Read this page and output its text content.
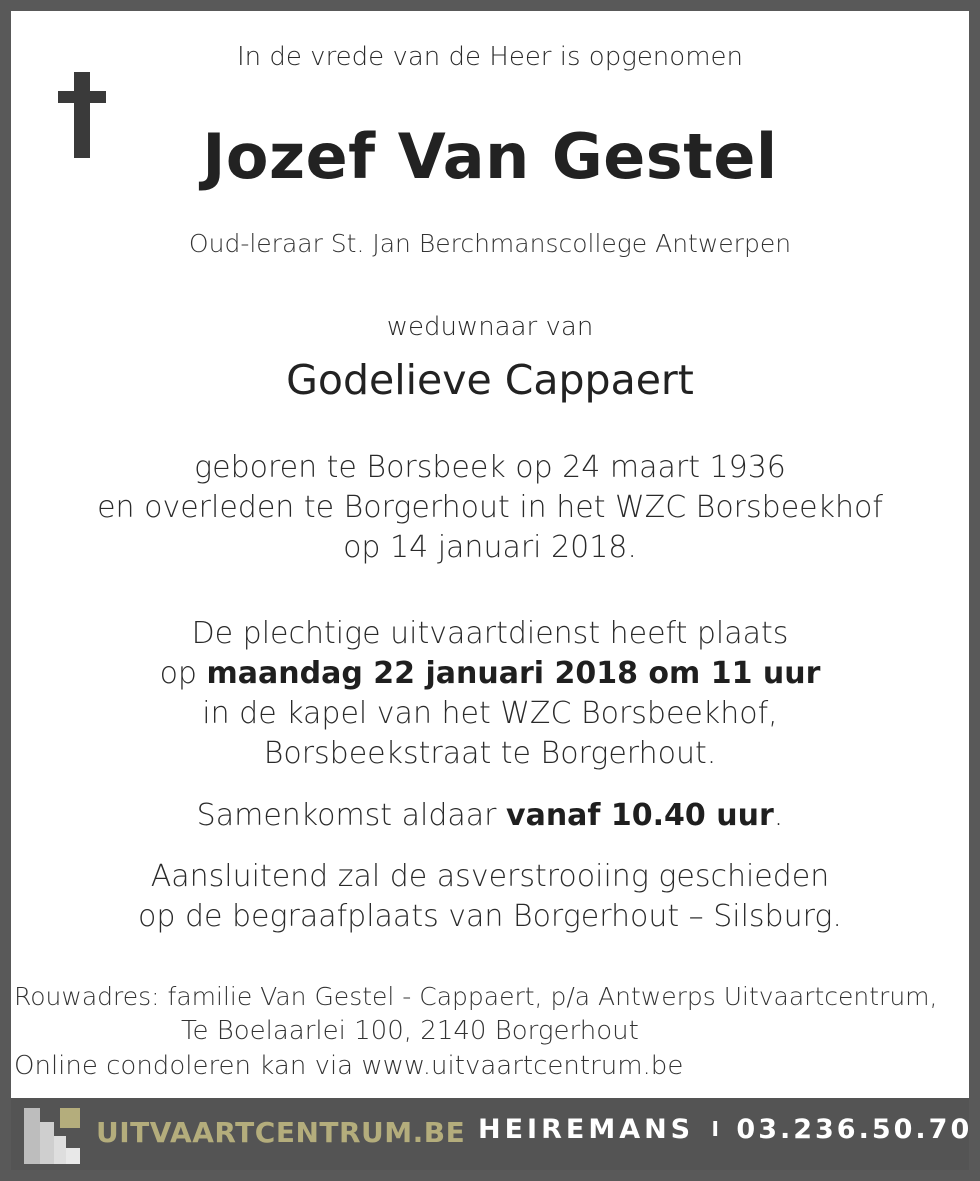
In de vrede van de Heer is opgenomen
Jozef Van Gestel
Oud-leraar St. Jan Berchmanscollege Antwerpen
weduwnaar van
Godelieve Cappaert
geboren te Borsbeek op 24 maart 1936
en overleden te Borgerhout in het WZC Borsbeekhof
op 14 januari 2018.
De plechtige uitvaartdienst heeft plaats
op maandag 22 januari 2018 om 11 uur
in de kapel van het WZC Borsbeekhof,
Borsbeekstraat te Borgerhout.
Samenkomst aldaar vanaf 10.40 uur.
Aansluitend zal de asverstrooiing geschieden
op de begraafplaats van Borgerhout – Silsburg.
Rouwadres: familie Van Gestel - Cappaert, p/a Antwerps Uitvaartcentrum,
Te Boelaarlei 100, 2140 Borgerhout
Online condoleren kan via www.uitvaartcentrum.be
UITVAARTCENTRUM.BE HEIREMANS I 03.236.50.70
